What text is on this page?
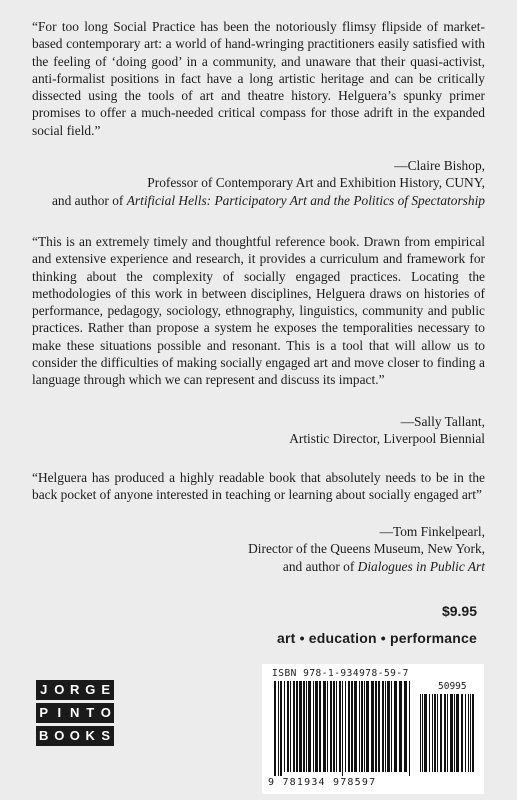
“For too long Social Practice has been the notoriously flimsy flipside of market-based contemporary art: a world of hand-wringing practitioners easily satisfied with the feeling of ‘doing good’ in a community, and unaware that their quasi-activist, anti-formalist positions in fact have a long artistic heritage and can be critically dissected using the tools of art and theatre history. Helguera’s spunky primer promises to offer a much-needed critical compass for those adrift in the expanded social field.”
—Claire Bishop,
Professor of Contemporary Art and Exhibition History, CUNY,
and author of Artificial Hells: Participatory Art and the Politics of Spectatorship
“This is an extremely timely and thoughtful reference book. Drawn from empirical and extensive experience and research, it provides a curriculum and framework for thinking about the complexity of socially engaged practices. Locating the methodologies of this work in between disciplines, Helguera draws on histories of performance, pedagogy, sociology, ethnography, linguistics, community and public practices. Rather than propose a system he exposes the temporalities necessary to make these situations possible and resonant. This is a tool that will allow us to consider the difficulties of making socially engaged art and move closer to finding a language through which we can represent and discuss its impact.”
—Sally Tallant,
Artistic Director, Liverpool Biennial
“Helguera has produced a highly readable book that absolutely needs to be in the back pocket of anyone interested in teaching or learning about socially engaged art”
—Tom Finkelpearl,
Director of the Queens Museum, New York,
and author of Dialogues in Public Art
$9.95
art • education • performance
J O R G E
P I N T O
B O O K S
ISBN 978-1-934978-59-7
50995
9 781934 978597
